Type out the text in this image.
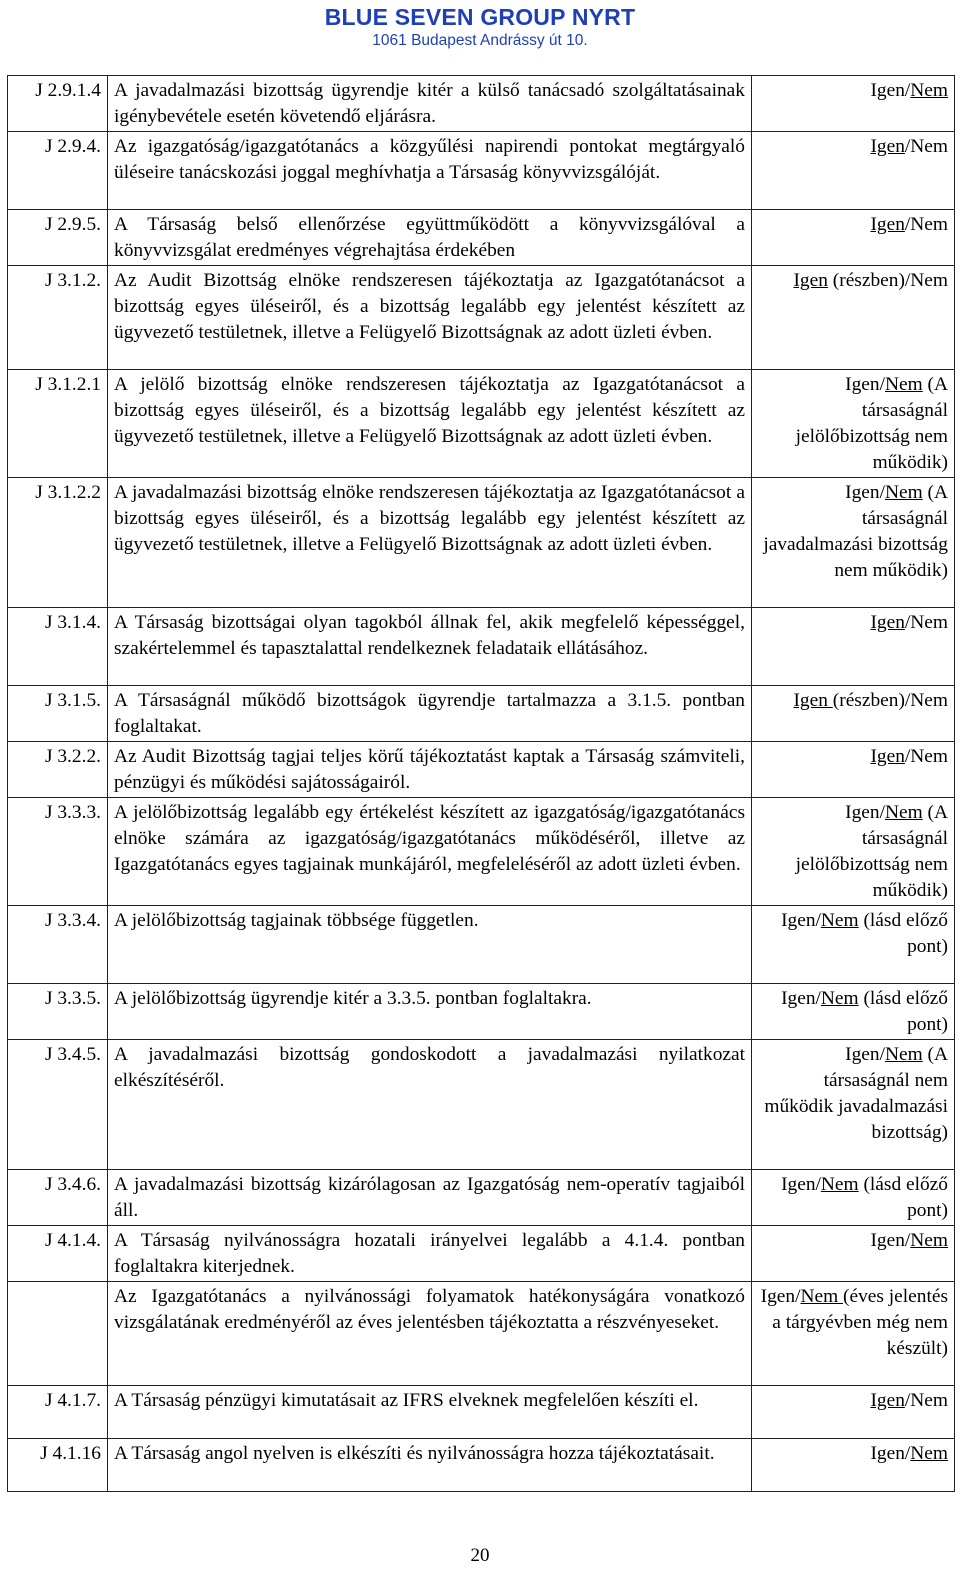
BLUE SEVEN GROUP NYRT
1061 Budapest Andrássy út 10.
J 2.9.1.4	A javadalmazási bizottság ügyrendje kitér a külső tanácsadó szolgáltatásainak igénybevétele esetén követendő eljárásra.	Igen/Nem
J 2.9.4.	Az igazgatóság/igazgatótanács a közgyűlési napirendi pontokat megtárgyaló üléseire tanácskozási joggal meghívhatja a Társaság könyvvizsgálóját.	Igen/Nem
J 2.9.5.	A Társaság belső ellenőrzése együttműködött a könyvvizsgálóval a könyvvizsgálat eredményes végrehajtása érdekében	Igen/Nem
J 3.1.2.	Az Audit Bizottság elnöke rendszeresen tájékoztatja az Igazgatótanácsot a bizottság egyes üléseiről, és a bizottság legalább egy jelentést készített az ügyvezető testületnek, illetve a Felügyelő Bizottságnak az adott üzleti évben.	Igen (részben)/Nem
J 3.1.2.1	A jelölő bizottság elnöke rendszeresen tájékoztatja az Igazgatótanácsot a bizottság egyes üléseiről, és a bizottság legalább egy jelentést készített az ügyvezető testületnek, illetve a Felügyelő Bizottságnak az adott üzleti évben.	Igen/Nem (A társaságnál jelölőbizottság nem működik)
J 3.1.2.2	A javadalmazási bizottság elnöke rendszeresen tájékoztatja az Igazgatótanácsot a bizottság egyes üléseiről, és a bizottság legalább egy jelentést készített az ügyvezető testületnek, illetve a Felügyelő Bizottságnak az adott üzleti évben.	Igen/Nem (A társaságnál javadalmazási bizottság nem működik)
J 3.1.4.	A Társaság bizottságai olyan tagokból állnak fel, akik megfelelő képességgel, szakértelemmel és tapasztalattal rendelkeznek feladataik ellátásához.	Igen/Nem
J 3.1.5.	A Társaságnál működő bizottságok ügyrendje tartalmazza a 3.1.5. pontban foglaltakat.	Igen (részben)/Nem
J 3.2.2.	Az Audit Bizottság tagjai teljes körű tájékoztatást kaptak a Társaság számviteli, pénzügyi és működési sajátosságairól.	Igen/Nem
J 3.3.3.	A jelölőbizottság legalább egy értékelést készített az igazgatóság/igazgatótanács elnöke számára az igazgatóság/igazgatótanács működéséről, illetve az Igazgatótanács egyes tagjainak munkájáról, megfeleléséről az adott üzleti évben.	Igen/Nem (A társaságnál jelölőbizottság nem működik)
J 3.3.4.	A jelölőbizottság tagjainak többsége független.	Igen/Nem (lásd előző pont)
J 3.3.5.	A jelölőbizottság ügyrendje kitér a 3.3.5. pontban foglaltakra.	Igen/Nem (lásd előző pont)
J 3.4.5.	A javadalmazási bizottság gondoskodott a javadalmazási nyilatkozat elkészítéséről.	Igen/Nem (A társaságnál nem működik javadalmazási bizottság)
J 3.4.6.	A javadalmazási bizottság kizárólagosan az Igazgatóság nem-operatív tagjaiból áll.	Igen/Nem (lásd előző pont)
J 4.1.4.	A Társaság nyilvánosságra hozatali irányelvei legalább a 4.1.4. pontban foglaltakra kiterjednek.	Igen/Nem
	Az Igazgatótanács a nyilvánossági folyamatok hatékonyságára vonatkozó vizsgálatának eredményéről az éves jelentésben tájékoztatta a részvényeseket.	Igen/Nem (éves jelentés a tárgyévben még nem készült)
J 4.1.7.	A Társaság pénzügyi kimutatásait az IFRS elveknek megfelelően készíti el.	Igen/Nem
J 4.1.16	A Társaság angol nyelven is elkészíti és nyilvánosságra hozza tájékoztatásait.	Igen/Nem
20
